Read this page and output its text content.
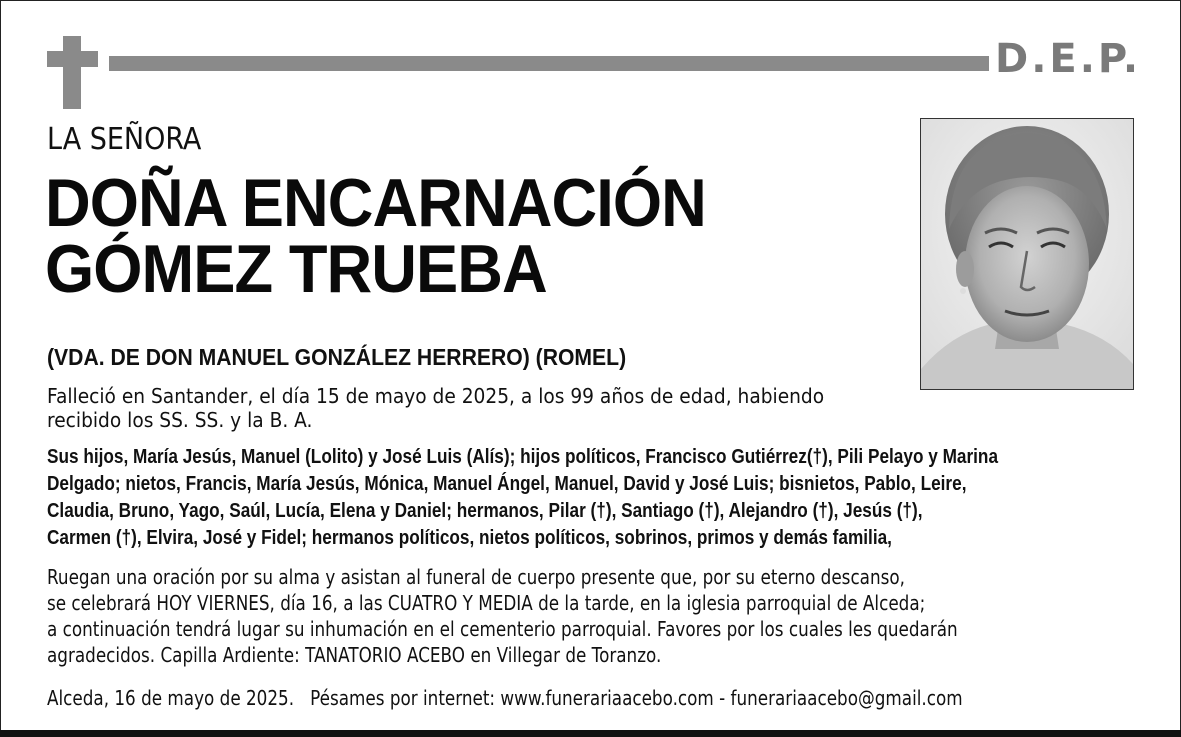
D.E.P.
LA SEÑORA
DOÑA ENCARNACIÓN
GÓMEZ TRUEBA
(VDA. DE DON MANUEL GONZÁLEZ HERRERO) (ROMEL)
Falleció en Santander, el día 15 de mayo de 2025, a los 99 años de edad, habiendo
recibido los SS. SS. y la B. A.
Sus hijos, María Jesús, Manuel (Lolito) y José Luis (Alís); hijos políticos, Francisco Gutiérrez(†), Pili Pelayo y Marina
Delgado; nietos, Francis, María Jesús, Mónica, Manuel Ángel, Manuel, David y José Luis; bisnietos, Pablo, Leire,
Claudia, Bruno, Yago, Saúl, Lucía, Elena y Daniel; hermanos, Pilar (†), Santiago (†), Alejandro (†), Jesús (†),
Carmen (†), Elvira, José y Fidel; hermanos políticos, nietos políticos, sobrinos, primos y demás familia,
Ruegan una oración por su alma y asistan al funeral de cuerpo presente que, por su eterno descanso,
se celebrará HOY VIERNES, día 16, a las CUATRO Y MEDIA de la tarde, en la iglesia parroquial de Alceda;
a continuación tendrá lugar su inhumación en el cementerio parroquial. Favores por los cuales les quedarán
agradecidos. Capilla Ardiente: TANATORIO ACEBO en Villegar de Toranzo.
Alceda, 16 de mayo de 2025.   Pésames por internet: www.funerariaacebo.com - funerariaacebo@gmail.com
